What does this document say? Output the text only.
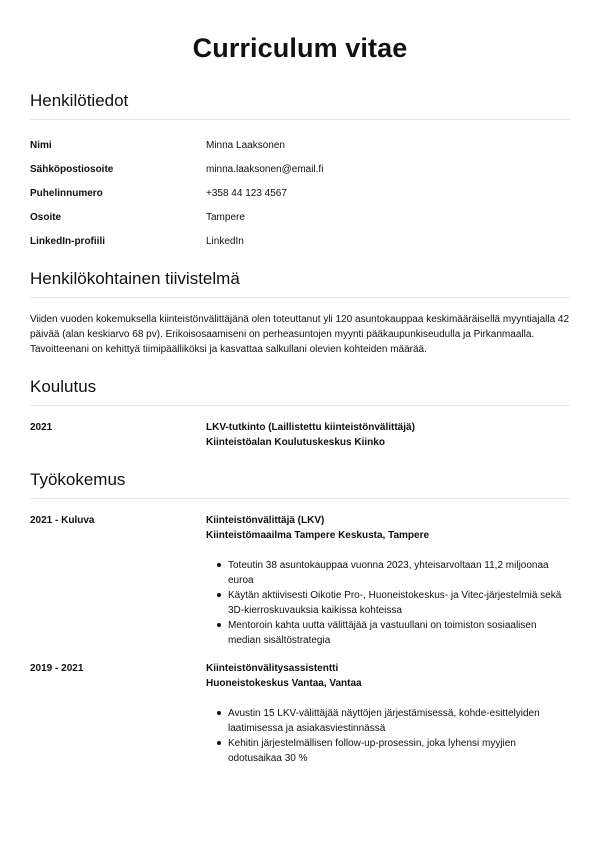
Curriculum vitae
Henkilötiedot
Nimi	Minna Laaksonen
Sähköpostiosoite	minna.laaksonen@email.fi
Puhelinnumero	+358 44 123 4567
Osoite	Tampere
LinkedIn-profiili	LinkedIn
Henkilökohtainen tiivistelmä

Viiden vuoden kokemuksella kiinteistönvälittäjänä olen toteuttanut yli 120 asuntokauppaa keskimääräisellä myyntiajalla 42 päivää (alan keskiarvo 68 pv). Erikoisosaamiseni on perheasuntojen myynti pääkaupunkiseudulla ja Pirkanmaalla. Tavoitteenani on kehittyä tiimipäälliköksi ja kasvattaa salkullani olevien kohteiden määrää.

Koulutus
2021	LKV-tutkinto (Laillistettu kiinteistönvälittäjä)
Kiinteistöalan Koulutuskeskus Kiinko
Työkokemus
2021 - Kuluva	Kiinteistönvälittäjä (LKV)
Kiinteistömaailma Tampere Keskusta, Tampere
Toteutin 38 asuntokauppaa vuonna 2023, yhteisarvoltaan 11,2 miljoonaa euroa
Käytän aktiivisesti Oikotie Pro-, Huoneistokeskus- ja Vitec-järjestelmiä sekä 3D-kierroskuvauksia kaikissa kohteissa
Mentoroin kahta uutta välittäjää ja vastuullani on toimiston sosiaalisen median sisältöstrategia
2019 - 2021	Kiinteistönvälitysassistentti
Huoneistokeskus Vantaa, Vantaa
Avustin 15 LKV-välittäjää näyttöjen järjestämisessä, kohde-esittelyiden laatimisessa ja asiakasviestinnässä
Kehitin järjestelmällisen follow-up-prosessin, joka lyhensi myyjien odotusaikaa 30 %
